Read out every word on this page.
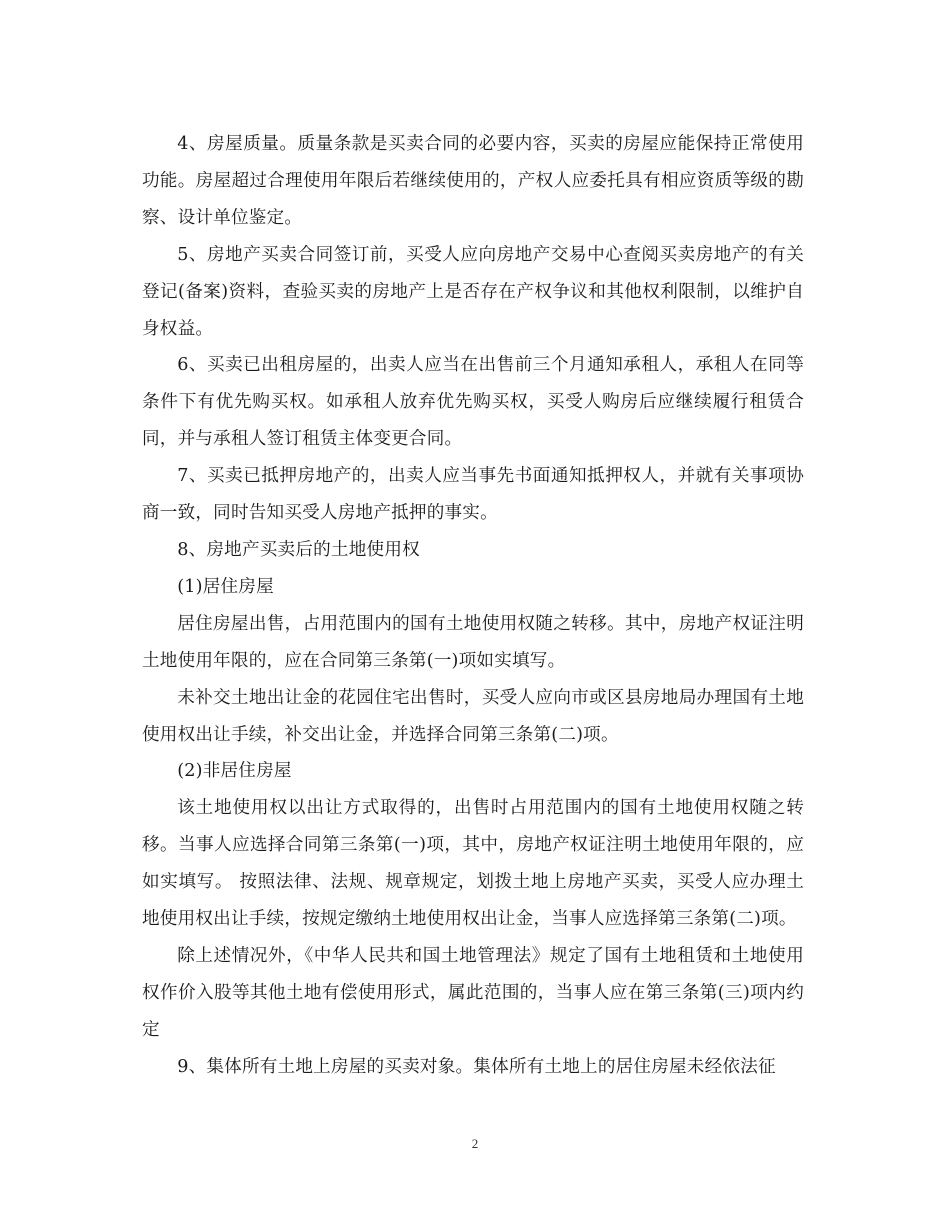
4、房屋质量。质量条款是买卖合同的必要内容，买卖的房屋应能保持正常使用功能。房屋超过合理使用年限后若继续使用的，产权人应委托具有相应资质等级的勘察、设计单位鉴定。

5、房地产买卖合同签订前，买受人应向房地产交易中心查阅买卖房地产的有关登记(备案)资料，查验买卖的房地产上是否存在产权争议和其他权利限制，以维护自身权益。

6、买卖已出租房屋的，出卖人应当在出售前三个月通知承租人，承租人在同等条件下有优先购买权。如承租人放弃优先购买权，买受人购房后应继续履行租赁合同，并与承租人签订租赁主体变更合同。

7、买卖已抵押房地产的，出卖人应当事先书面通知抵押权人，并就有关事项协商一致，同时告知买受人房地产抵押的事实。

8、房地产买卖后的土地使用权

(1)居住房屋

居住房屋出售，占用范围内的国有土地使用权随之转移。其中，房地产权证注明土地使用年限的，应在合同第三条第(一)项如实填写。

未补交土地出让金的花园住宅出售时，买受人应向市或区县房地局办理国有土地使用权出让手续，补交出让金，并选择合同第三条第(二)项。

(2)非居住房屋

该土地使用权以出让方式取得的，出售时占用范围内的国有土地使用权随之转移。当事人应选择合同第三条第(一)项，其中，房地产权证注明土地使用年限的，应如实填写。 按照法律、法规、规章规定，划拨土地上房地产买卖，买受人应办理土地使用权出让手续，按规定缴纳土地使用权出让金，当事人应选择第三条第(二)项。

除上述情况外，《中华人民共和国土地管理法》规定了国有土地租赁和土地使用权作价入股等其他土地有偿使用形式，属此范围的，当事人应在第三条第(三)项内约定

9、集体所有土地上房屋的买卖对象。集体所有土地上的居住房屋未经依法征

2
